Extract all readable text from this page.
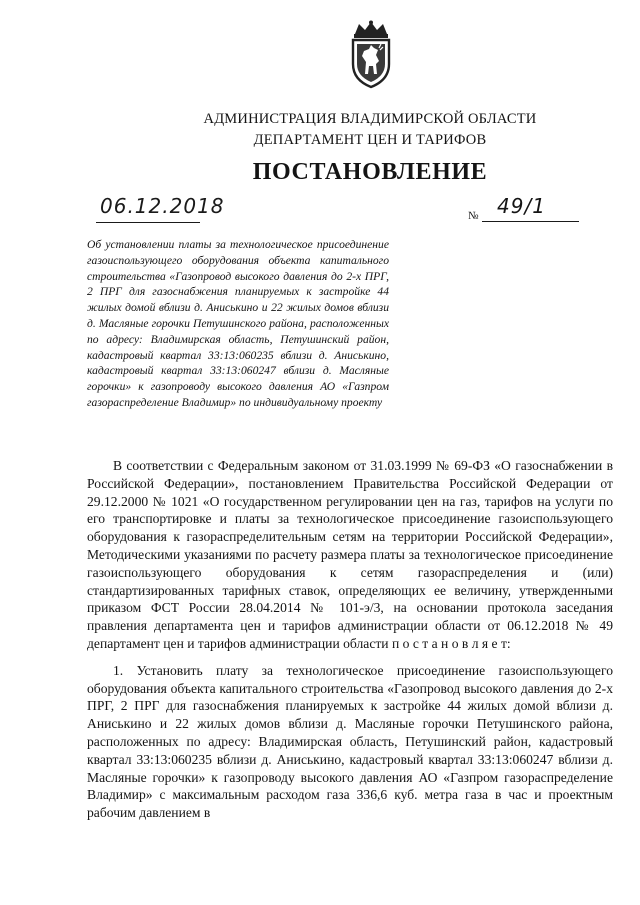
АДМИНИСТРАЦИЯ ВЛАДИМИРСКОЙ ОБЛАСТИ
ДЕПАРТАМЕНТ ЦЕН И ТАРИФОВ
ПОСТАНОВЛЕНИЕ
06.12.2018	№ 49/1

Об установлении платы за технологическое присоединение газоиспользующего оборудования объекта капитального строительства «Газопровод высокого давления до 2-х ПРГ, 2 ПРГ для газоснабжения планируемых к застройке 44 жилых домой вблизи д. Аниськино и 22 жилых домов вблизи д. Масляные горочки Петушинского района, расположенных по адресу: Владимирская область, Петушинский район, кадастровый квартал 33:13:060235 вблизи д. Аниськино, кадастровый квартал 33:13:060247 вблизи д. Масляные горочки» к газопроводу высокого давления АО «Газпром газораспределение Владимир» по индивидуальному проекту

В соответствии с Федеральным законом от 31.03.1999 № 69-ФЗ «О газоснабжении в Российской Федерации», постановлением Правительства Российской Федерации от 29.12.2000 № 1021 «О государственном регулировании цен на газ, тарифов на услуги по его транспортировке и платы за технологическое присоединение газоиспользующего оборудования к газораспределительным сетям на территории Российской Федерации», Методическими указаниями по расчету размера платы за технологическое присоединение газоиспользующего оборудования к сетям газораспределения и (или) стандартизированных тарифных ставок, определяющих ее величину, утвержденными приказом ФСТ России 28.04.2014 № 101-э/3, на основании протокола заседания правления департамента цен и тарифов администрации области от 06.12.2018 № 49 департамент цен и тарифов администрации области п о с т а н о в л я е т:

1. Установить плату за технологическое присоединение газоиспользующего оборудования объекта капитального строительства «Газопровод высокого давления до 2-х ПРГ, 2 ПРГ для газоснабжения планируемых к застройке 44 жилых домой вблизи д. Аниськино и 22 жилых домов вблизи д. Масляные горочки Петушинского района, расположенных по адресу: Владимирская область, Петушинский район, кадастровый квартал 33:13:060235 вблизи д. Аниськино, кадастровый квартал 33:13:060247 вблизи д. Масляные горочки» к газопроводу высокого давления АО «Газпром газораспределение Владимир» с максимальным расходом газа 336,6 куб. метра газа в час и проектным рабочим давлением в
